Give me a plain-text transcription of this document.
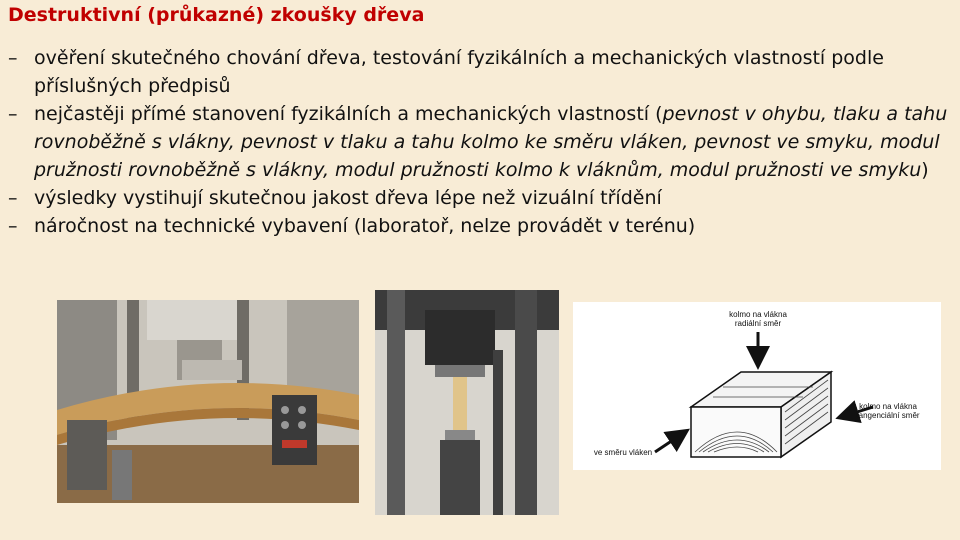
Destruktivní (průkazné) zkoušky dřeva
– ověření skutečného chování dřeva, testování fyzikálních a mechanických vlastností podle příslušných předpisů
– nejčastěji přímé stanovení fyzikálních a mechanických vlastností (pevnost v ohybu, tlaku a tahu rovnoběžně s vlákny, pevnost v tlaku a tahu kolmo ke směru vláken, pevnost ve smyku, modul pružnosti rovnoběžně s vlákny, modul pružnosti kolmo k vláknům, modul pružnosti ve smyku)
– výsledky vystihují skutečnou jakost dřeva lépe než vizuální třídění
– náročnost na technické vybavení (laboratoř, nelze provádět v terénu)
kolmo na vlákna
radiální směr
kolmo na vlákna
tangenciální směr
ve směru vláken
